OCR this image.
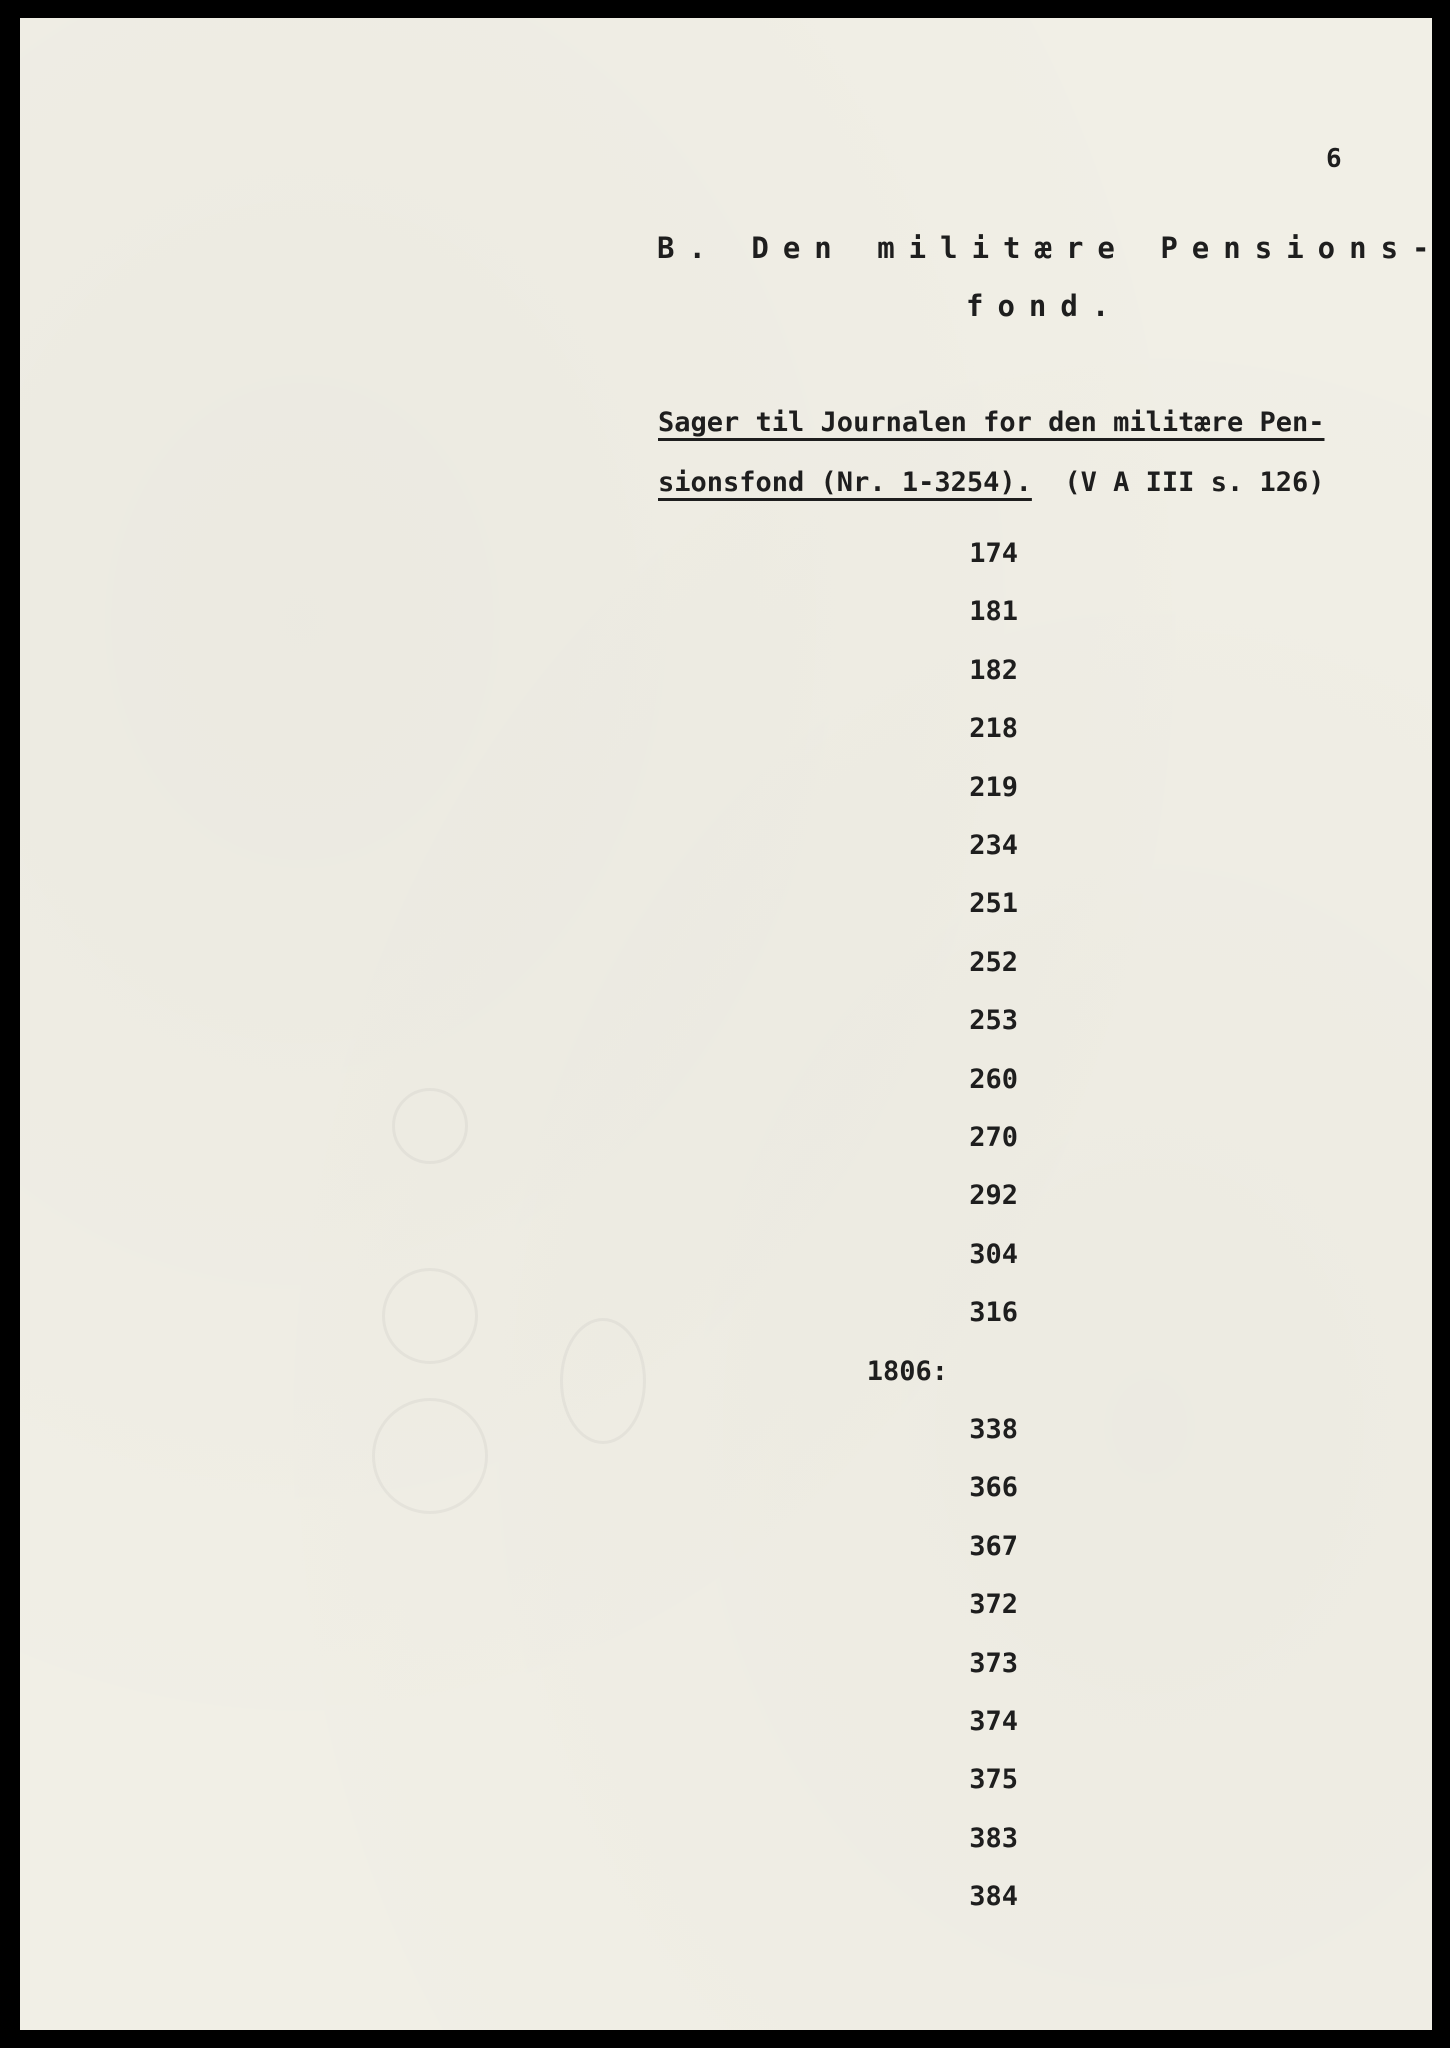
6
B. Den militære Pensions-
fond.
Sager til Journalen for den militære Pen-
sionsfond (Nr. 1-3254). (V A III s. 126)
174
181
182
218
219
234
251
252
253
260
270
292
304
316
1806:
338
366
367
372
373
374
375
383
384
